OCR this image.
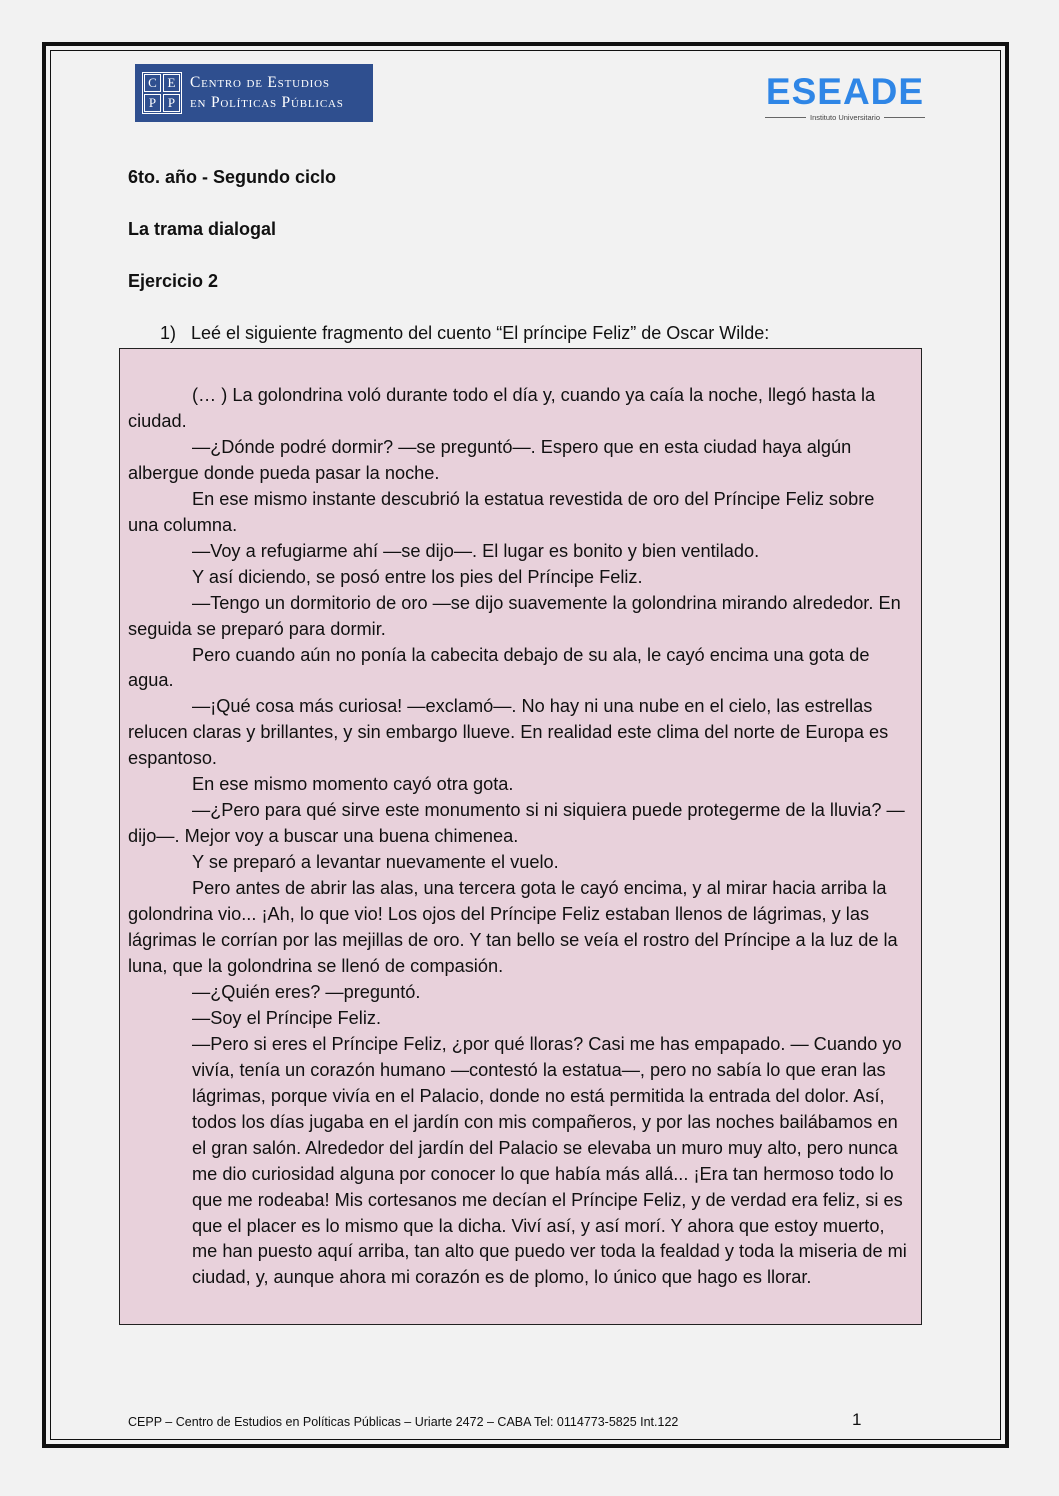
C E
P P
Centro de Estudios
en Políticas Públicas	ESEADE
Instituto Universitario
6to. año - Segundo ciclo
La trama dialogal
Ejercicio 2
1) Leé el siguiente fragmento del cuento “El príncipe Feliz” de Oscar Wilde:

(… ) La golondrina voló durante todo el día y, cuando ya caía la noche, llegó hasta la ciudad.

—¿Dónde podré dormir? —se preguntó—. Espero que en esta ciudad haya algún albergue donde pueda pasar la noche.

En ese mismo instante descubrió la estatua revestida de oro del Príncipe Feliz sobre una columna.

—Voy a refugiarme ahí —se dijo—. El lugar es bonito y bien ventilado.

Y así diciendo, se posó entre los pies del Príncipe Feliz.

—Tengo un dormitorio de oro —se dijo suavemente la golondrina mirando alrededor. En seguida se preparó para dormir.

Pero cuando aún no ponía la cabecita debajo de su ala, le cayó encima una gota de agua.

—¡Qué cosa más curiosa! —exclamó—. No hay ni una nube en el cielo, las estrellas relucen claras y brillantes, y sin embargo llueve. En realidad este clima del norte de Europa es espantoso.

En ese mismo momento cayó otra gota.

—¿Pero para qué sirve este monumento si ni siquiera puede protegerme de la lluvia? — dijo—. Mejor voy a buscar una buena chimenea.

Y se preparó a levantar nuevamente el vuelo.

Pero antes de abrir las alas, una tercera gota le cayó encima, y al mirar hacia arriba la golondrina vio... ¡Ah, lo que vio! Los ojos del Príncipe Feliz estaban llenos de lágrimas, y las lágrimas le corrían por las mejillas de oro. Y tan bello se veía el rostro del Príncipe a la luz de la luna, que la golondrina se llenó de compasión.

—¿Quién eres? —preguntó.

—Soy el Príncipe Feliz.

—Pero si eres el Príncipe Feliz, ¿por qué lloras? Casi me has empapado. — Cuando yo vivía, tenía un corazón humano —contestó la estatua—, pero no sabía lo que eran las lágrimas, porque vivía en el Palacio, donde no está permitida la entrada del dolor. Así, todos los días jugaba en el jardín con mis compañeros, y por las noches bailábamos en el gran salón. Alrededor del jardín del Palacio se elevaba un muro muy alto, pero nunca me dio curiosidad alguna por conocer lo que había más allá... ¡Era tan hermoso todo lo que me rodeaba! Mis cortesanos me decían el Príncipe Feliz, y de verdad era feliz, si es que el placer es lo mismo que la dicha. Viví así, y así morí. Y ahora que estoy muerto, me han puesto aquí arriba, tan alto que puedo ver toda la fealdad y toda la miseria de mi ciudad, y, aunque ahora mi corazón es de plomo, lo único que hago es llorar.

CEPP – Centro de Estudios en Políticas Públicas – Uriarte 2472 – CABA Tel: 0114773-5825 Int.122	1
